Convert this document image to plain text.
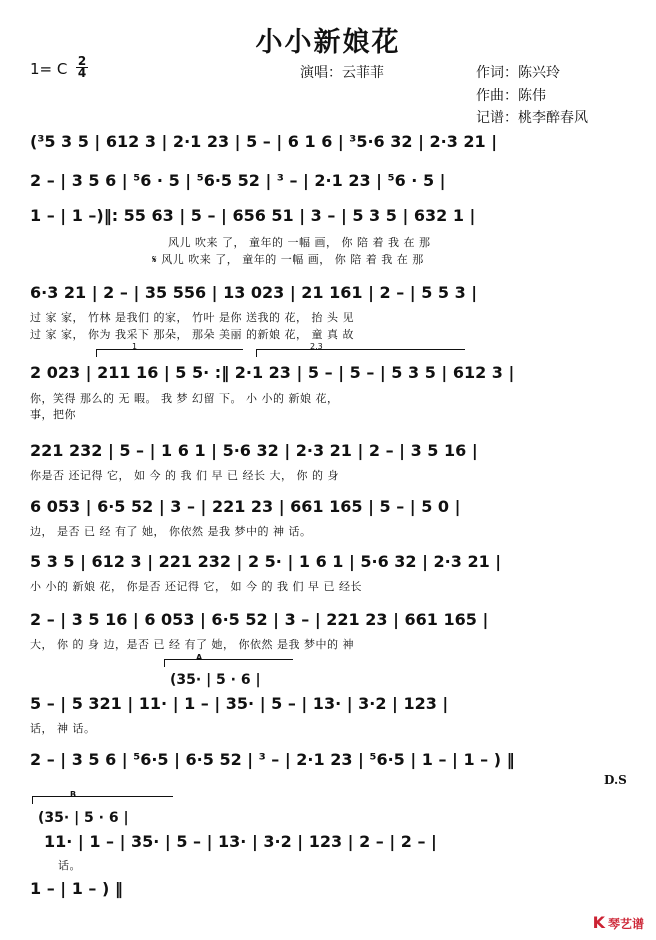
小小新娘花
1= C $\frac{2}{4}$	演唱：云菲菲	作词：陈兴玲
作曲：陈伟
记谱：桃李醉春风
(³5 3 5 | 612 3 | 2·1 23 | 5 – | 6 1 6 | ³5·6 32 | 2·3 21 |
2 – | 3 5 6 | ⁵6 · 5 | ⁵6·5 52 | ³ – | 2·1 23 | ⁵6 · 5 |
1 – | 1 –)‖: 55 63 | 5 – | 656 51 | 3 – | 5 3 5 | 632 1 |
风儿 吹来 了， 童年的 一幅 画， 你 陪 着 我 在 那
𝄋 风儿 吹来 了， 童年的 一幅 画， 你 陪 着 我 在 那
6·3 21 | 2 – | 35 556 | 13 023 | 21 161 | 2 – | 5 5 3 |
过 家 家， 竹林 是我们 的家， 竹叶 是你 送我的 花， 抬 头 见
过 家 家， 你为 我采下 那朵， 那朵 美丽 的新娘 花， 童 真 故
1	2.3
2 023 | 211 16 | 5 5· :‖ 2·1 23 | 5 – | 5 – | 5 3 5 | 612 3 |
你，笑得 那么的 无 暇。 我 梦 幻留 下。 小 小的 新娘 花，
事，把你
221 232 | 5 – | 1 6 1 | 5·6 32 | 2·3 21 | 2 – | 3 5 16 |
你是否 还记得 它， 如 今 的 我 们 早 已 经长 大， 你 的 身
6 053 | 6·5 52 | 3 – | 221 23 | 661 165 | 5 – | 5 0 |
边， 是否 已 经 有了 她， 你依然 是我 梦中的 神 话。
5 3 5 | 612 3 | 221 232 | 2 5· | 1 6 1 | 5·6 32 | 2·3 21 |
小 小的 新娘 花， 你是否 还记得 它， 如 今 的 我 们 早 已 经长
2 – | 3 5 16 | 6 053 | 6·5 52 | 3 – | 221 23 | 661 165 |
大， 你 的 身 边，是否 已 经 有了 她， 你依然 是我 梦中的 神
A
(35· | 5 · 6 |
5 – | 5 321 | 11· | 1 – | 35· | 5 – | 13· | 3·2 | 123 |
话， 神 话。
2 – | 3 5 6 | ⁵6·5 | 6·5 52 | ³ – | 2·1 23 | ⁵6·5 | 1 – | 1 – ) ‖
D.S
B
(35· | 5 · 6 |
11· | 1 – | 35· | 5 – | 13· | 3·2 | 123 | 2 – | 2 – |
话。
1 – | 1 – ) ‖
K 琴艺谱
